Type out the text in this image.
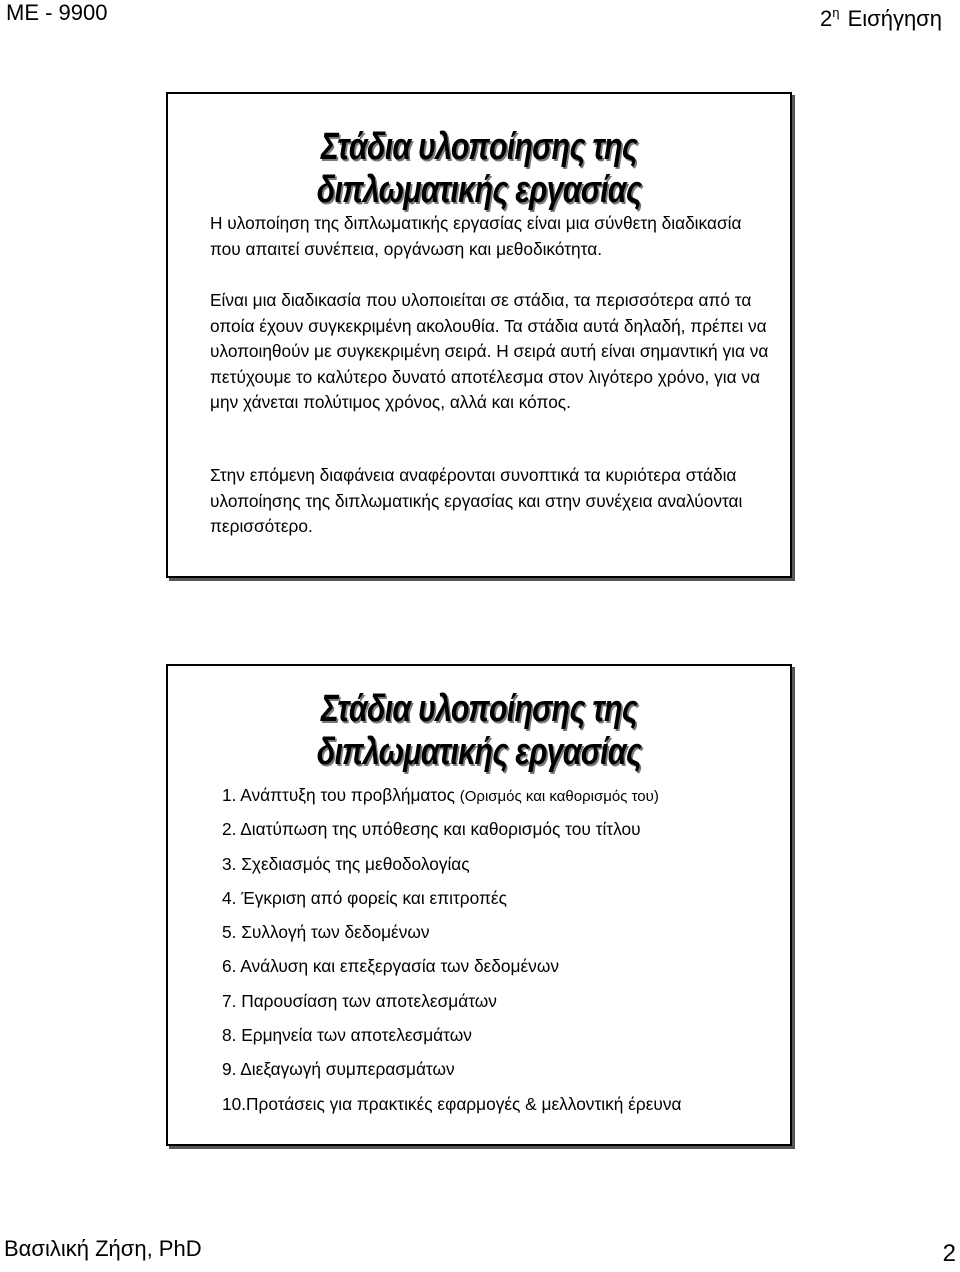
ΜΕ - 9900	$2^\eta$ Εισήγηση
Στάδια υλοποίησης της διπλωματικής εργασίας

Η υλοποίηση της διπλωματικής εργασίας είναι μια σύνθετη διαδικασία που απαιτεί συνέπεια, οργάνωση και μεθοδικότητα.

Είναι μια διαδικασία που υλοποιείται σε στάδια, τα περισσότερα από τα οποία έχουν συγκεκριμένη ακολουθία. Τα στάδια αυτά δηλαδή, πρέπει να υλοποιηθούν με συγκεκριμένη σειρά. Η σειρά αυτή είναι σημαντική για να πετύχουμε το καλύτερο δυνατό αποτέλεσμα στον λιγότερο χρόνο, για να μην χάνεται πολύτιμος χρόνος, αλλά και κόπος.

Στην επόμενη διαφάνεια αναφέρονται συνοπτικά τα κυριότερα στάδια υλοποίησης της διπλωματικής εργασίας και στην συνέχεια αναλύονται περισσότερο.

Στάδια υλοποίησης της διπλωματικής εργασίας
1. Ανάπτυξη του προβλήματος (Ορισμός και καθορισμός του)
2. Διατύπωση της υπόθεσης και καθορισμός του τίτλου
3. Σχεδιασμός της μεθοδολογίας
4. Έγκριση από φορείς και επιτροπές
5. Συλλογή των δεδομένων
6. Ανάλυση και επεξεργασία των δεδομένων
7. Παρουσίαση των αποτελεσμάτων
8. Ερμηνεία των αποτελεσμάτων
9. Διεξαγωγή συμπερασμάτων
10.Προτάσεις για πρακτικές εφαρμογές & μελλοντική έρευνα
Βασιλική Ζήση, PhD	2
